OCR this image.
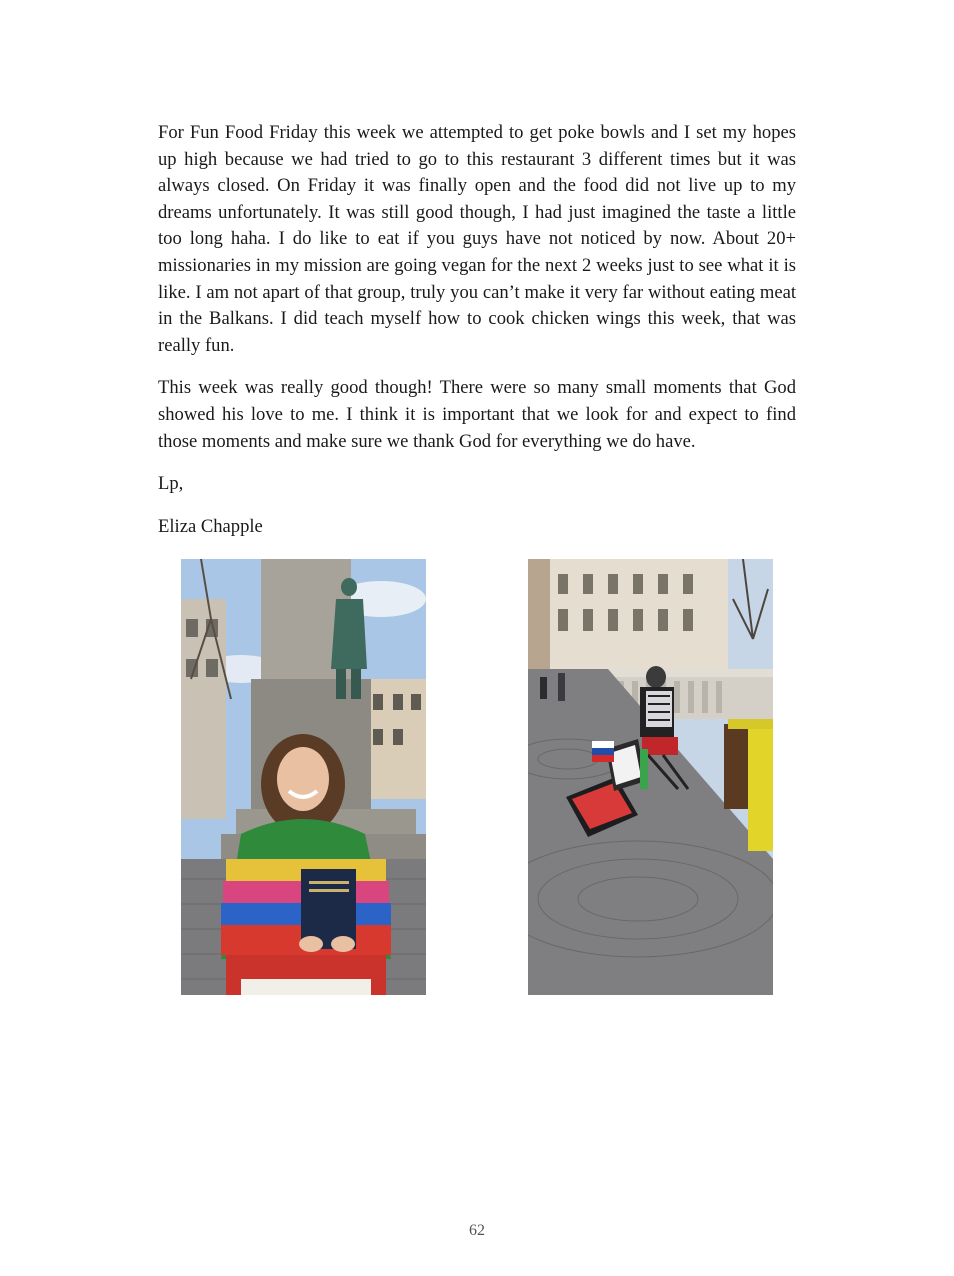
For Fun Food Friday this week we attempted to get poke bowls and I set my hopes up high because we had tried to go to this restaurant 3 different times but it was always closed. On Friday it was finally open and the food did not live up to my dreams unfortunately. It was still good though, I had just imagined the taste a little too long haha. I do like to eat if you guys have not noticed by now. About 20+ missionaries in my mission are going vegan for the next 2 weeks just to see what it is like. I am not apart of that group, truly you can’t make it very far without eating meat in the Balkans. I did teach myself how to cook chicken wings this week, that was really fun.

This week was really good though! There were so many small moments that God showed his love to me. I think it is important that we look for and expect to find those moments and make sure we thank God for everything we do have.

Lp,

Eliza Chapple

62
